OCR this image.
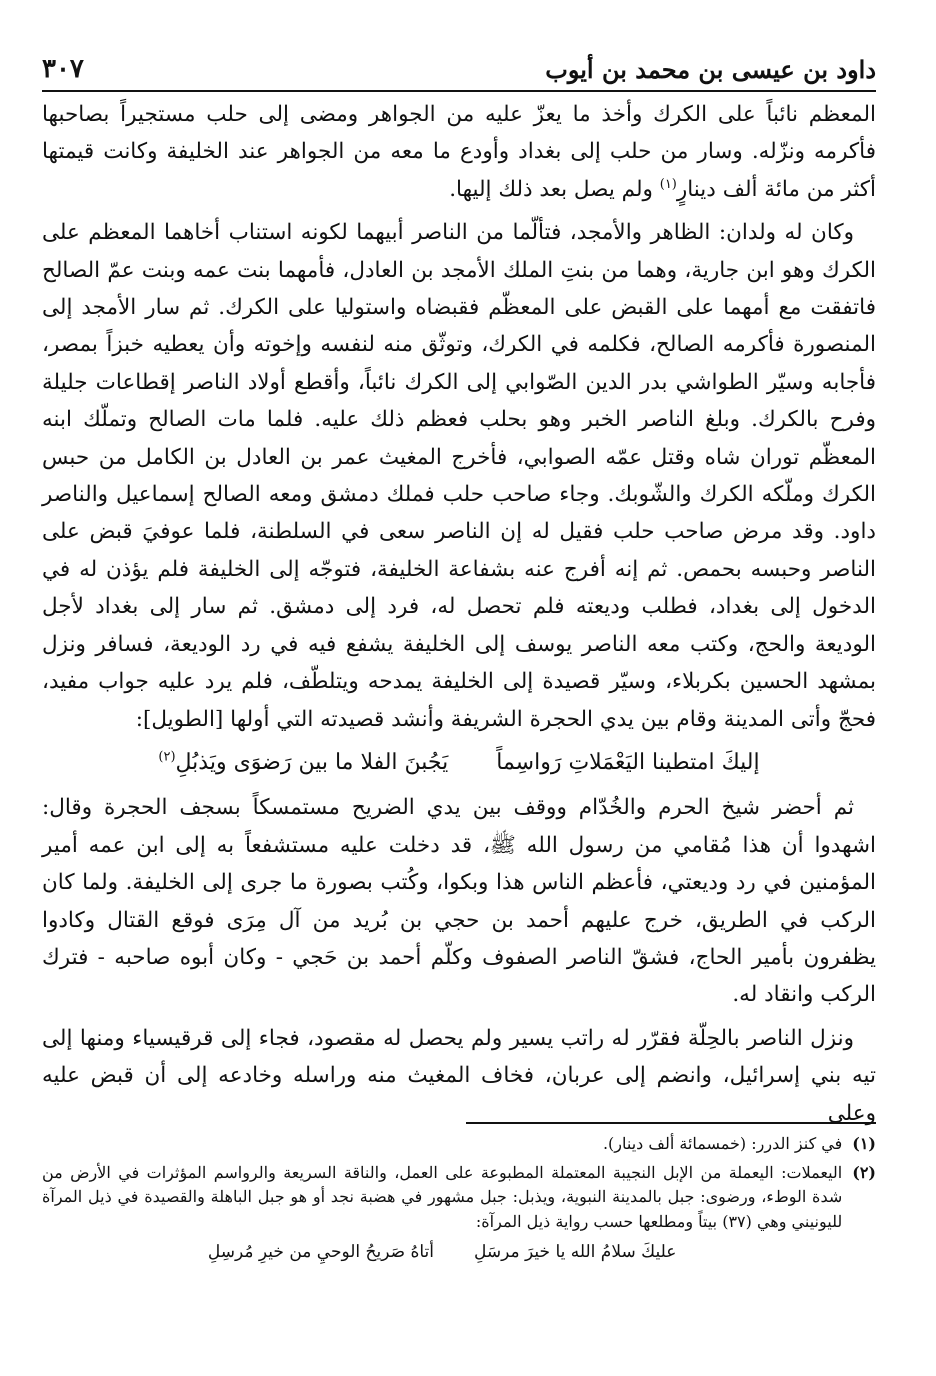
داود بن عيسى بن محمد بن أيوب
٣٠٧

المعظم نائباً على الكرك وأخذ ما يعزّ عليه من الجواهر ومضى إلى حلب مستجيراً بصاحبها فأكرمه ونزّله. وسار من حلب إلى بغداد وأودع ما معه من الجواهر عند الخليفة وكانت قيمتها أكثر من مائة ألف دينارٍ$^{(١)}$ ولم يصل بعد ذلك إليها.

وكان له ولدان: الظاهر والأمجد، فتألّما من الناصر أبيهما لكونه استناب أخاهما المعظم على الكرك وهو ابن جارية، وهما من بنتِ الملك الأمجد بن العادل، فأمهما بنت عمه وبنت عمّ الصالح فاتفقت مع أمهما على القبض على المعظّم فقبضاه واستوليا على الكرك. ثم سار الأمجد إلى المنصورة فأكرمه الصالح، فكلمه في الكرك، وتوثّق منه لنفسه وإخوته وأن يعطيه خبزاً بمصر، فأجابه وسيّر الطواشي بدر الدين الصّوابي إلى الكرك نائباً، وأقطع أولاد الناصر إقطاعات جليلة وفرح بالكرك. وبلغ الناصر الخبر وهو بحلب فعظم ذلك عليه. فلما مات الصالح وتملّك ابنه المعظّم توران شاه وقتل عمّه الصوابي، فأخرج المغيث عمر بن العادل بن الكامل من حبس الكرك وملّكه الكرك والشّوبك. وجاء صاحب حلب فملك دمشق ومعه الصالح إسماعيل والناصر داود. وقد مرض صاحب حلب فقيل له إن الناصر سعى في السلطنة، فلما عوفيَ قبض على الناصر وحبسه بحمص. ثم إنه أفرج عنه بشفاعة الخليفة، فتوجّه إلى الخليفة فلم يؤذن له في الدخول إلى بغداد، فطلب وديعته فلم تحصل له، فرد إلى دمشق. ثم سار إلى بغداد لأجل الوديعة والحج، وكتب معه الناصر يوسف إلى الخليفة يشفع فيه في رد الوديعة، فسافر ونزل بمشهد الحسين بكربلاء، وسيّر قصيدة إلى الخليفة يمدحه ويتلطّف، فلم يرد عليه جواب مفيد، فحجّ وأتى المدينة وقام بين يدي الحجرة الشريفة وأنشد قصيدته التي أولها [الطويل]:

إليكَ امتطينا اليَعْمَلاتِ رَواسِماً
يَجُبنَ الفلا ما بين رَضوَى ويَذبُلِ$^{(٢)}$

ثم أحضر شيخ الحرم والخُدّام ووقف بين يدي الضريح مستمسكاً بسجف الحجرة وقال: اشهدوا أن هذا مُقامي من رسول الله ﷺ، قد دخلت عليه مستشفعاً به إلى ابن عمه أمير المؤمنين في رد وديعتي، فأعظم الناس هذا وبكوا، وكُتب بصورة ما جرى إلى الخليفة. ولما كان الركب في الطريق، خرج عليهم أحمد بن حجي بن بُريد من آل مِرَى فوقع القتال وكادوا يظفرون بأمير الحاج، فشقّ الناصر الصفوف وكلّم أحمد بن حَجي - وكان أبوه صاحبه - فترك الركب وانقاد له.

ونزل الناصر بالحِلّة فقرّر له راتب يسير ولم يحصل له مقصود، فجاء إلى قرقيسياء ومنها إلى تيه بني إسرائيل، وانضم إلى عربان، فخاف المغيث منه وراسله وخادعه إلى أن قبض عليه وعلى

(١)
في كنز الدرر: (خمسمائة ألف دينار).
(٢)
اليعملات: اليعملة من الإبل النجيبة المعتملة المطبوعة على العمل، والناقة السريعة والرواسم المؤثرات في الأرض من شدة الوطء، ورضوى: جبل بالمدينة النبوية، ويذبل: جبل مشهور في هضبة نجد أو هو جبل الباهلة والقصيدة في ذيل المرآة لليونيني وهي (٣٧) بيتاً ومطلعها حسب رواية ذيل المرآة:
عليكَ سلامُ الله يا خيرَ مرسَلِ
أتاهُ صَريحُ الوحيِ من خيرِ مُرسِلِ
